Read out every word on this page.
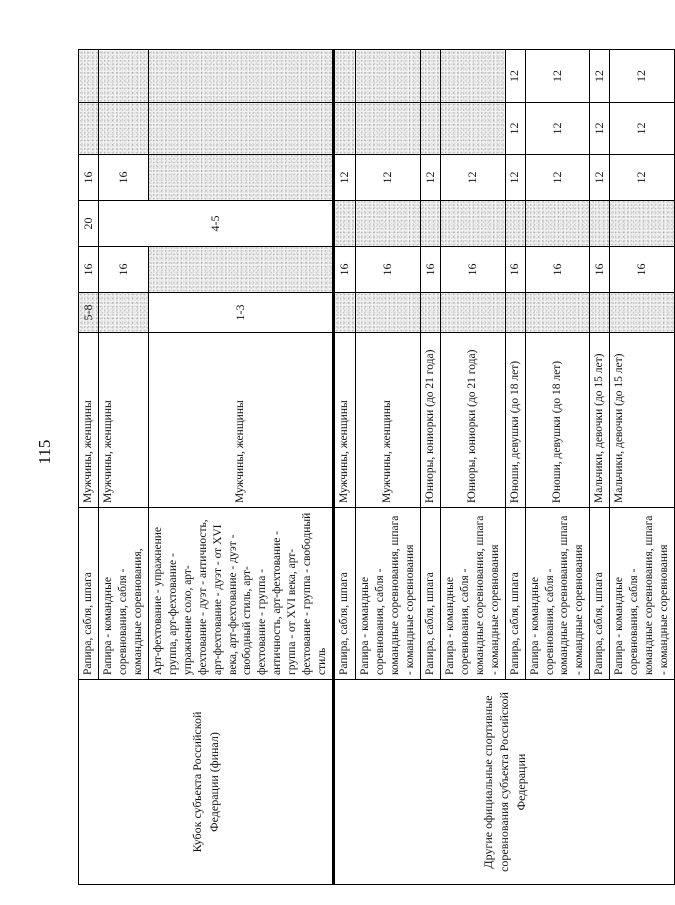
115
Кубок субъекта Российской Федерации (финал)	Рапира, сабля, шпага	Мужчины, женщины	5-8	16	20	16		
	Рапира - командные соревнования, сабля - командные соревнования,	Мужчины, женщины		16	4-5	16		
	Арт-фехтование - упражнение группа, арт-фехтование - упражнение соло, арт-фехтование - дуэт - античность, арт-фехтование - дуэт - от XVI века, арт-фехтование - дуэт - свободный стиль, арт-фехтование - группа - античность, арт-фехтование - группа - от XVI века, арт-фехтование - группа - свободный стиль	Мужчины, женщины	1-3					
Другие официальные спортивные соревнования субъекта Российской Федерации	Рапира, сабля, шпага	Мужчины, женщины		16		12		
	Рапира - командные соревнования, сабля - командные соревнования, шпага - командные соревнования	Мужчины, женщины		16		12		
	Рапира, сабля, шпага	Юниоры, юниорки (до 21 года)		16		12		
	Рапира - командные соревнования, сабля - командные соревнования, шпага - командные соревнования	Юниоры, юниорки (до 21 года)		16		12		
	Рапира, сабля, шпага	Юноши, девушки (до 18 лет)		16		12	12	12
	Рапира - командные соревнования, сабля - командные соревнования, шпага - командные соревнования	Юноши, девушки (до 18 лет)		16		12	12	12
	Рапира, сабля, шпага	Мальчики, девочки (до 15 лет)		16		12	12	12
	Рапира - командные соревнования, сабля - командные соревнования, шпага - командные соревнования	Мальчики, девочки (до 15 лет)		16		12	12	12
